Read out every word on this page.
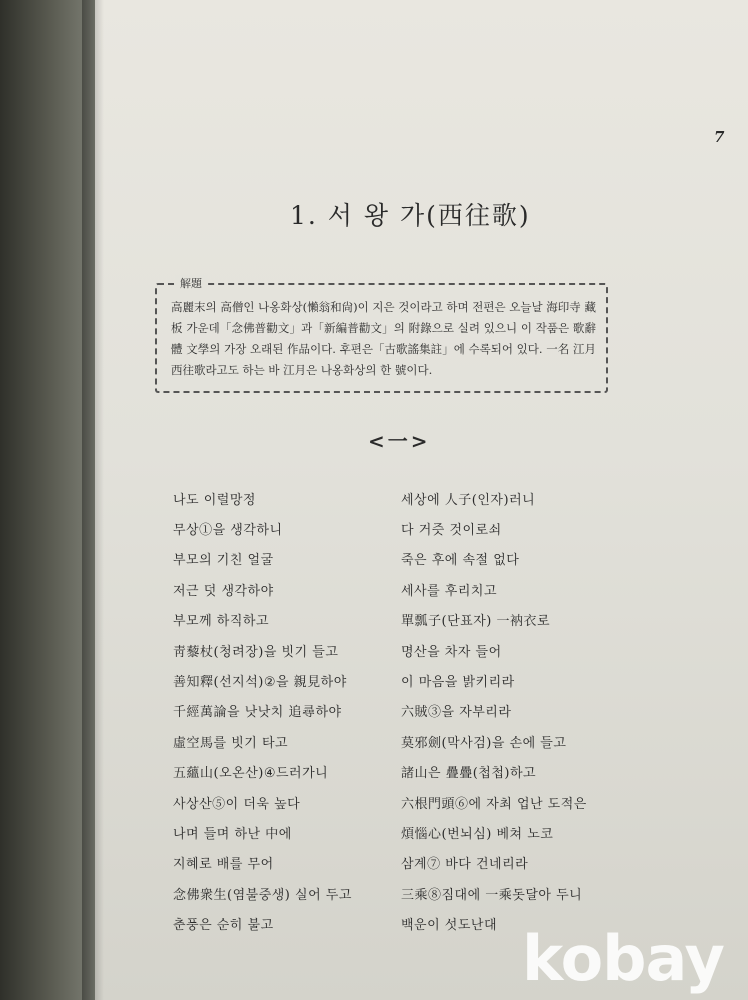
7
1. 서 왕 가(西往歌)
解題
高麗末의 高僧인 나옹화상(懶翁和尙)이 지은 것이라고 하며 전편은 오늘날 海印寺 藏板 가운데「念佛普勸文」과「新編普勸文」의 附錄으로 실려 있으니 이 작품은 歌辭體 文學의 가장 오래된 作品이다. 후편은「古歌謠集註」에 수록되어 있다. 一名 江月 西往歌라고도 하는 바 江月은 나옹화상의 한 號이다.
<一>
나도 이럴망정	세상에 人子(인자)러니
무상①을 생각하니	다 거즛 것이로쇠
부모의 기친 얼굴	죽은 후에 속절 없다
저근 덧 생각하야	세사를 후리치고
부모께 하직하고	單瓢子(단표자) 一衲衣로
靑藜杖(청려장)을 빗기 들고	명산을 차자 들어
善知釋(선지석)②을 親見하야	이 마음을 밝키리라
千經萬論을 낫낫치 追尋하야	六賊③을 자부리라
虛空馬를 빗기 타고	莫邪劍(막사검)을 손에 들고
五蘊山(오온산)④드러가니	諸山은 疊疊(첩첩)하고
사상산⑤이 더욱 높다	六根門頭⑥에 자최 업난 도적은
나며 들며 하난 中에	煩惱心(번뇌심) 베쳐 노코
지혜로 배를 무어	삼계⑦ 바다 건네리라
念佛衆生(염불중생) 실어 두고	三乘⑧짐대에 一乘돗달아 두니
춘풍은 순히 불고	백운이 섯도난대 kobay
